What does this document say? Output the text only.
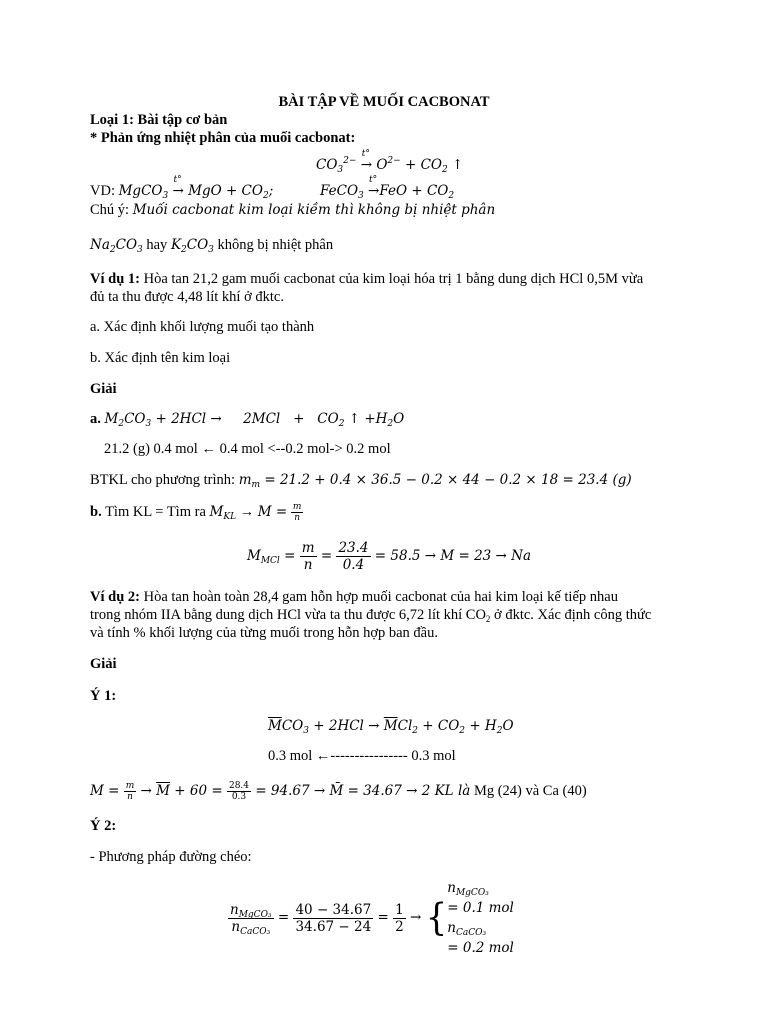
BÀI TẬP VỀ MUỐI CACBONAT
Loại 1: Bài tập cơ bản
* Phản ứng nhiệt phân của muối cacbonat:
$CO_3^{2-}$
t°
→ $O^{2-} + CO_2$ ↑
VD: MgCO$_3$
t°
→ MgO + $CO_2$;	FeCO$_3$
t°
$\to FeO + CO_2$
Chú ý: Muối cacbonat kim loại kiềm thì không bị nhiệt phân
$Na_2CO_3$ hay $K_2CO_3$ không bị nhiệt phân
Ví dụ 1: Hòa tan 21,2 gam muối cacbonat của kim loại hóa trị 1 bằng dung dịch HCl 0,5M vừa
đủ ta thu được 4,48 lít khí ở đktc.
a. Xác định khối lượng muối tạo thành
b. Xác định tên kim loại
Giải
a. $M_2CO_3 + 2HCl$ →     $2MCl + CO_2$ ↑ $+H_2O$
21.2 (g) 0.4 mol ← 0.4 mol <--0.2 mol-> 0.2 mol
BTKL cho phương trình: $m_m = 21.2 + 0.4 \times 36.5 - 0.2 \times 44 - 0.2 \times 18 = 23.4$ (g)
b. Tìm KL = Tìm ra $M_{KL} \to M = \frac{m}{n}$
$M_{MCl} = \frac{m}{n} = \frac{23.4}{0.4} = 58.5 \to M = 23 \to Na$
Ví dụ 2: Hòa tan hoàn toàn 28,4 gam hỗn hợp muối cacbonat của hai kim loại kế tiếp nhau
trong nhóm IIA bằng dung dịch HCl vừa ta thu được 6,72 lít khí $CO_2$ ở đktc. Xác định công thức
và tính % khối lượng của từng muối trong hỗn hợp ban đầu.
Giải
Ý 1:
$\overline{M}CO_3 + 2HCl \to \overline{M}Cl_2 + CO_2 + H_2O$
0.3 mol ←---------------- 0.3 mol
$M = \frac{m}{n} \to \overline{M} + 60 = \frac{28.4}{0.3} = 94.67$ → M̄ = 34.67 → 2 KL là Mg (24) và Ca (40)
Ý 2:
- Phương pháp đường chéo:
$\frac{n_{MgCO_3}}{n_{CaCO_3}} = \frac{40 - 34.67}{34.67 - 24} = \frac{1}{2}$ → {
$n_{MgCO_3}$
= 0.1 mol
$n_{CaCO_3}$
= 0.2 mol
